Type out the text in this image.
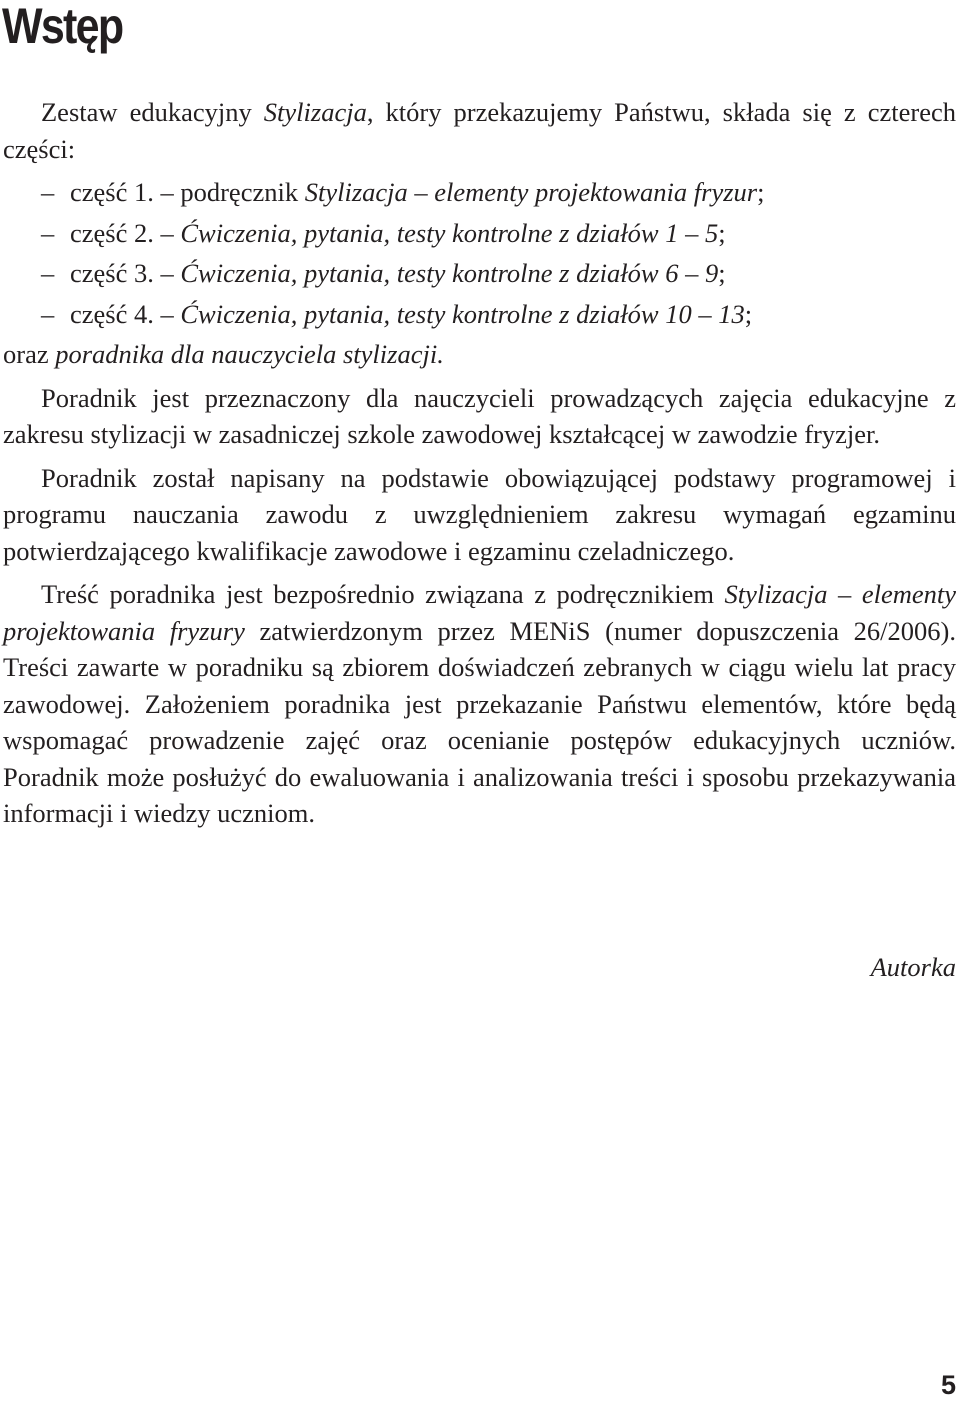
Wstęp

Zestaw edukacyjny Stylizacja, który przekazujemy Państwu, składa się z czterech części:

– część 1. – podręcznik Stylizacja – elementy projektowania fryzur;
– część 2. – Ćwiczenia, pytania, testy kontrolne z działów 1 – 5;
– część 3. – Ćwiczenia, pytania, testy kontrolne z działów 6 – 9;
– część 4. – Ćwiczenia, pytania, testy kontrolne z działów 10 – 13;

oraz poradnika dla nauczyciela stylizacji.

Poradnik jest przeznaczony dla nauczycieli prowadzących zajęcia edukacyjne z zakresu stylizacji w zasadniczej szkole zawodowej kształcącej w zawodzie fryzjer.

Poradnik został napisany na podstawie obowiązującej podstawy programowej i programu nauczania zawodu z uwzględnieniem zakresu wymagań egzaminu potwierdzającego kwalifikacje zawodowe i egzaminu czeladniczego.

Treść poradnika jest bezpośrednio związana z podręcznikiem Stylizacja – elementy projektowania fryzury zatwierdzonym przez MENiS (numer dopuszczenia 26/2006). Treści zawarte w poradniku są zbiorem doświadczeń zebranych w ciągu wielu lat pracy zawodowej. Założeniem poradnika jest przekazanie Państwu elementów, które będą wspomagać prowadzenie zajęć oraz ocenianie postępów edukacyjnych uczniów. Poradnik może posłużyć do ewaluowania i analizowania treści i sposobu przekazywania informacji i wiedzy uczniom.

Autorka
5
